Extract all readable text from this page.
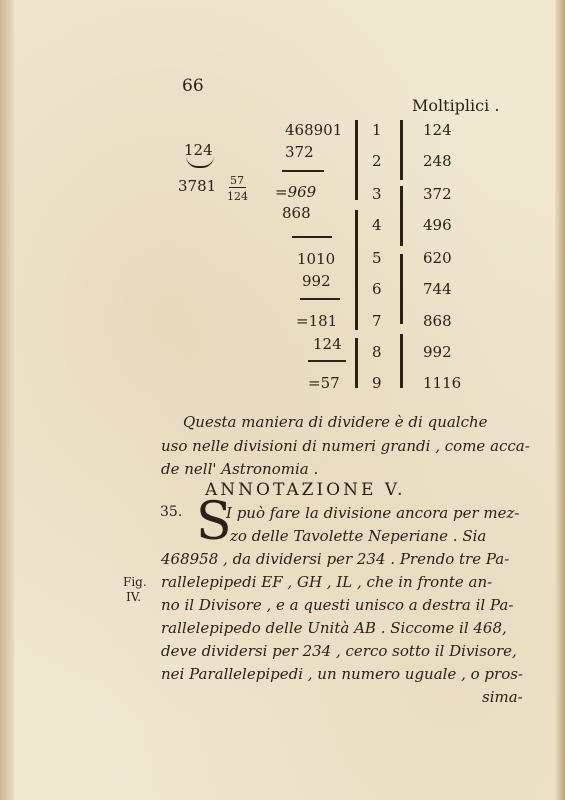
66
Moltiplici .
468901
124	372
3781 57
124 =969
868
1010
992
=181
124
=57
1	124
2	248
3	372
4	496
5	620
6	744
7	868
8	992
9	1116
Questa maniera di dividere è di qualche
uso nelle divisioni di numeri grandi , come acca-
de nell' Astronomia .
ANNOTAZIONE V.
35. S
I può fare la divisione ancora per mez-
zo delle Tavolette Neperiane . Sia
468958 , da dividersi per 234 . Prendo tre Pa-
rallelepipedi EF , GH , IL , che in fronte an-
no il Divisore , e a questi unisco a destra il Pa-
rallelepipedo delle Unità AB . Siccome il 468,
deve dividersi per 234 , cerco sotto il Divisore,
nei Parallelepipedi , un numero uguale , o pros-
sima-
Fig.
IV.
